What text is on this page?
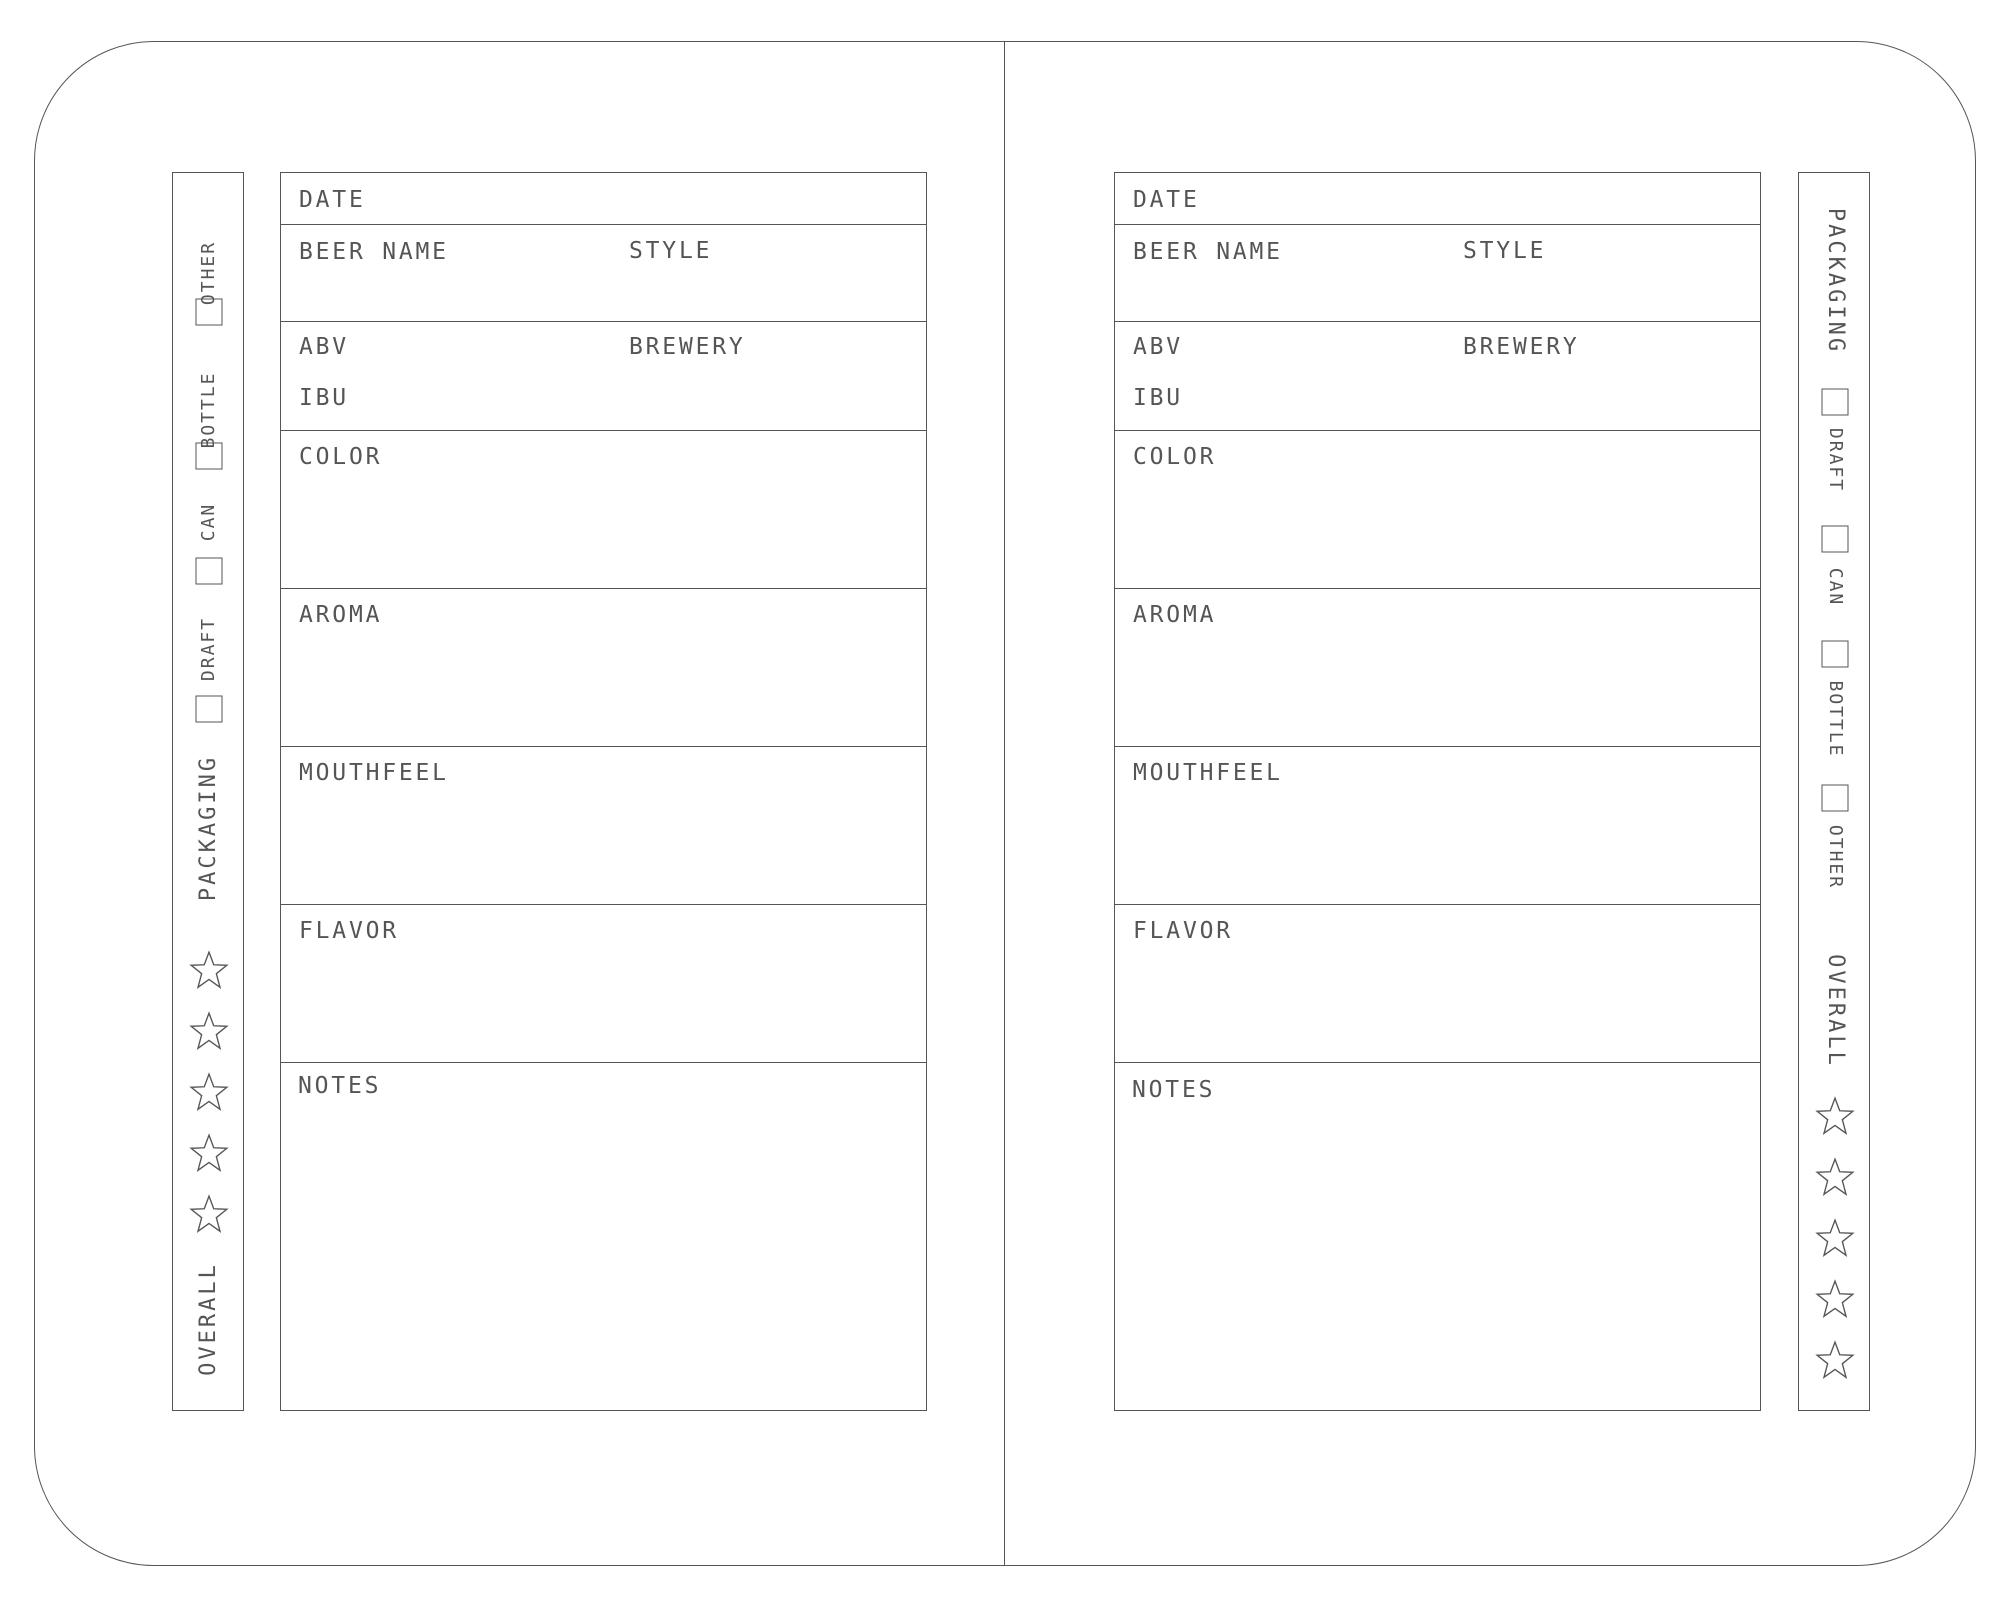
OTHER
BOTTLE
CAN
DRAFT
PACKAGING
OVERALL
DATE
BEER NAME	STYLE
ABV	BREWERY
IBU
COLOR
AROMA
MOUTHFEEL
FLAVOR
NOTES
DATE
BEER NAME	STYLE
ABV	BREWERY
IBU
COLOR
AROMA
MOUTHFEEL
FLAVOR
NOTES
PACKAGING
DRAFT
CAN
BOTTLE
OTHER
OVERALL
